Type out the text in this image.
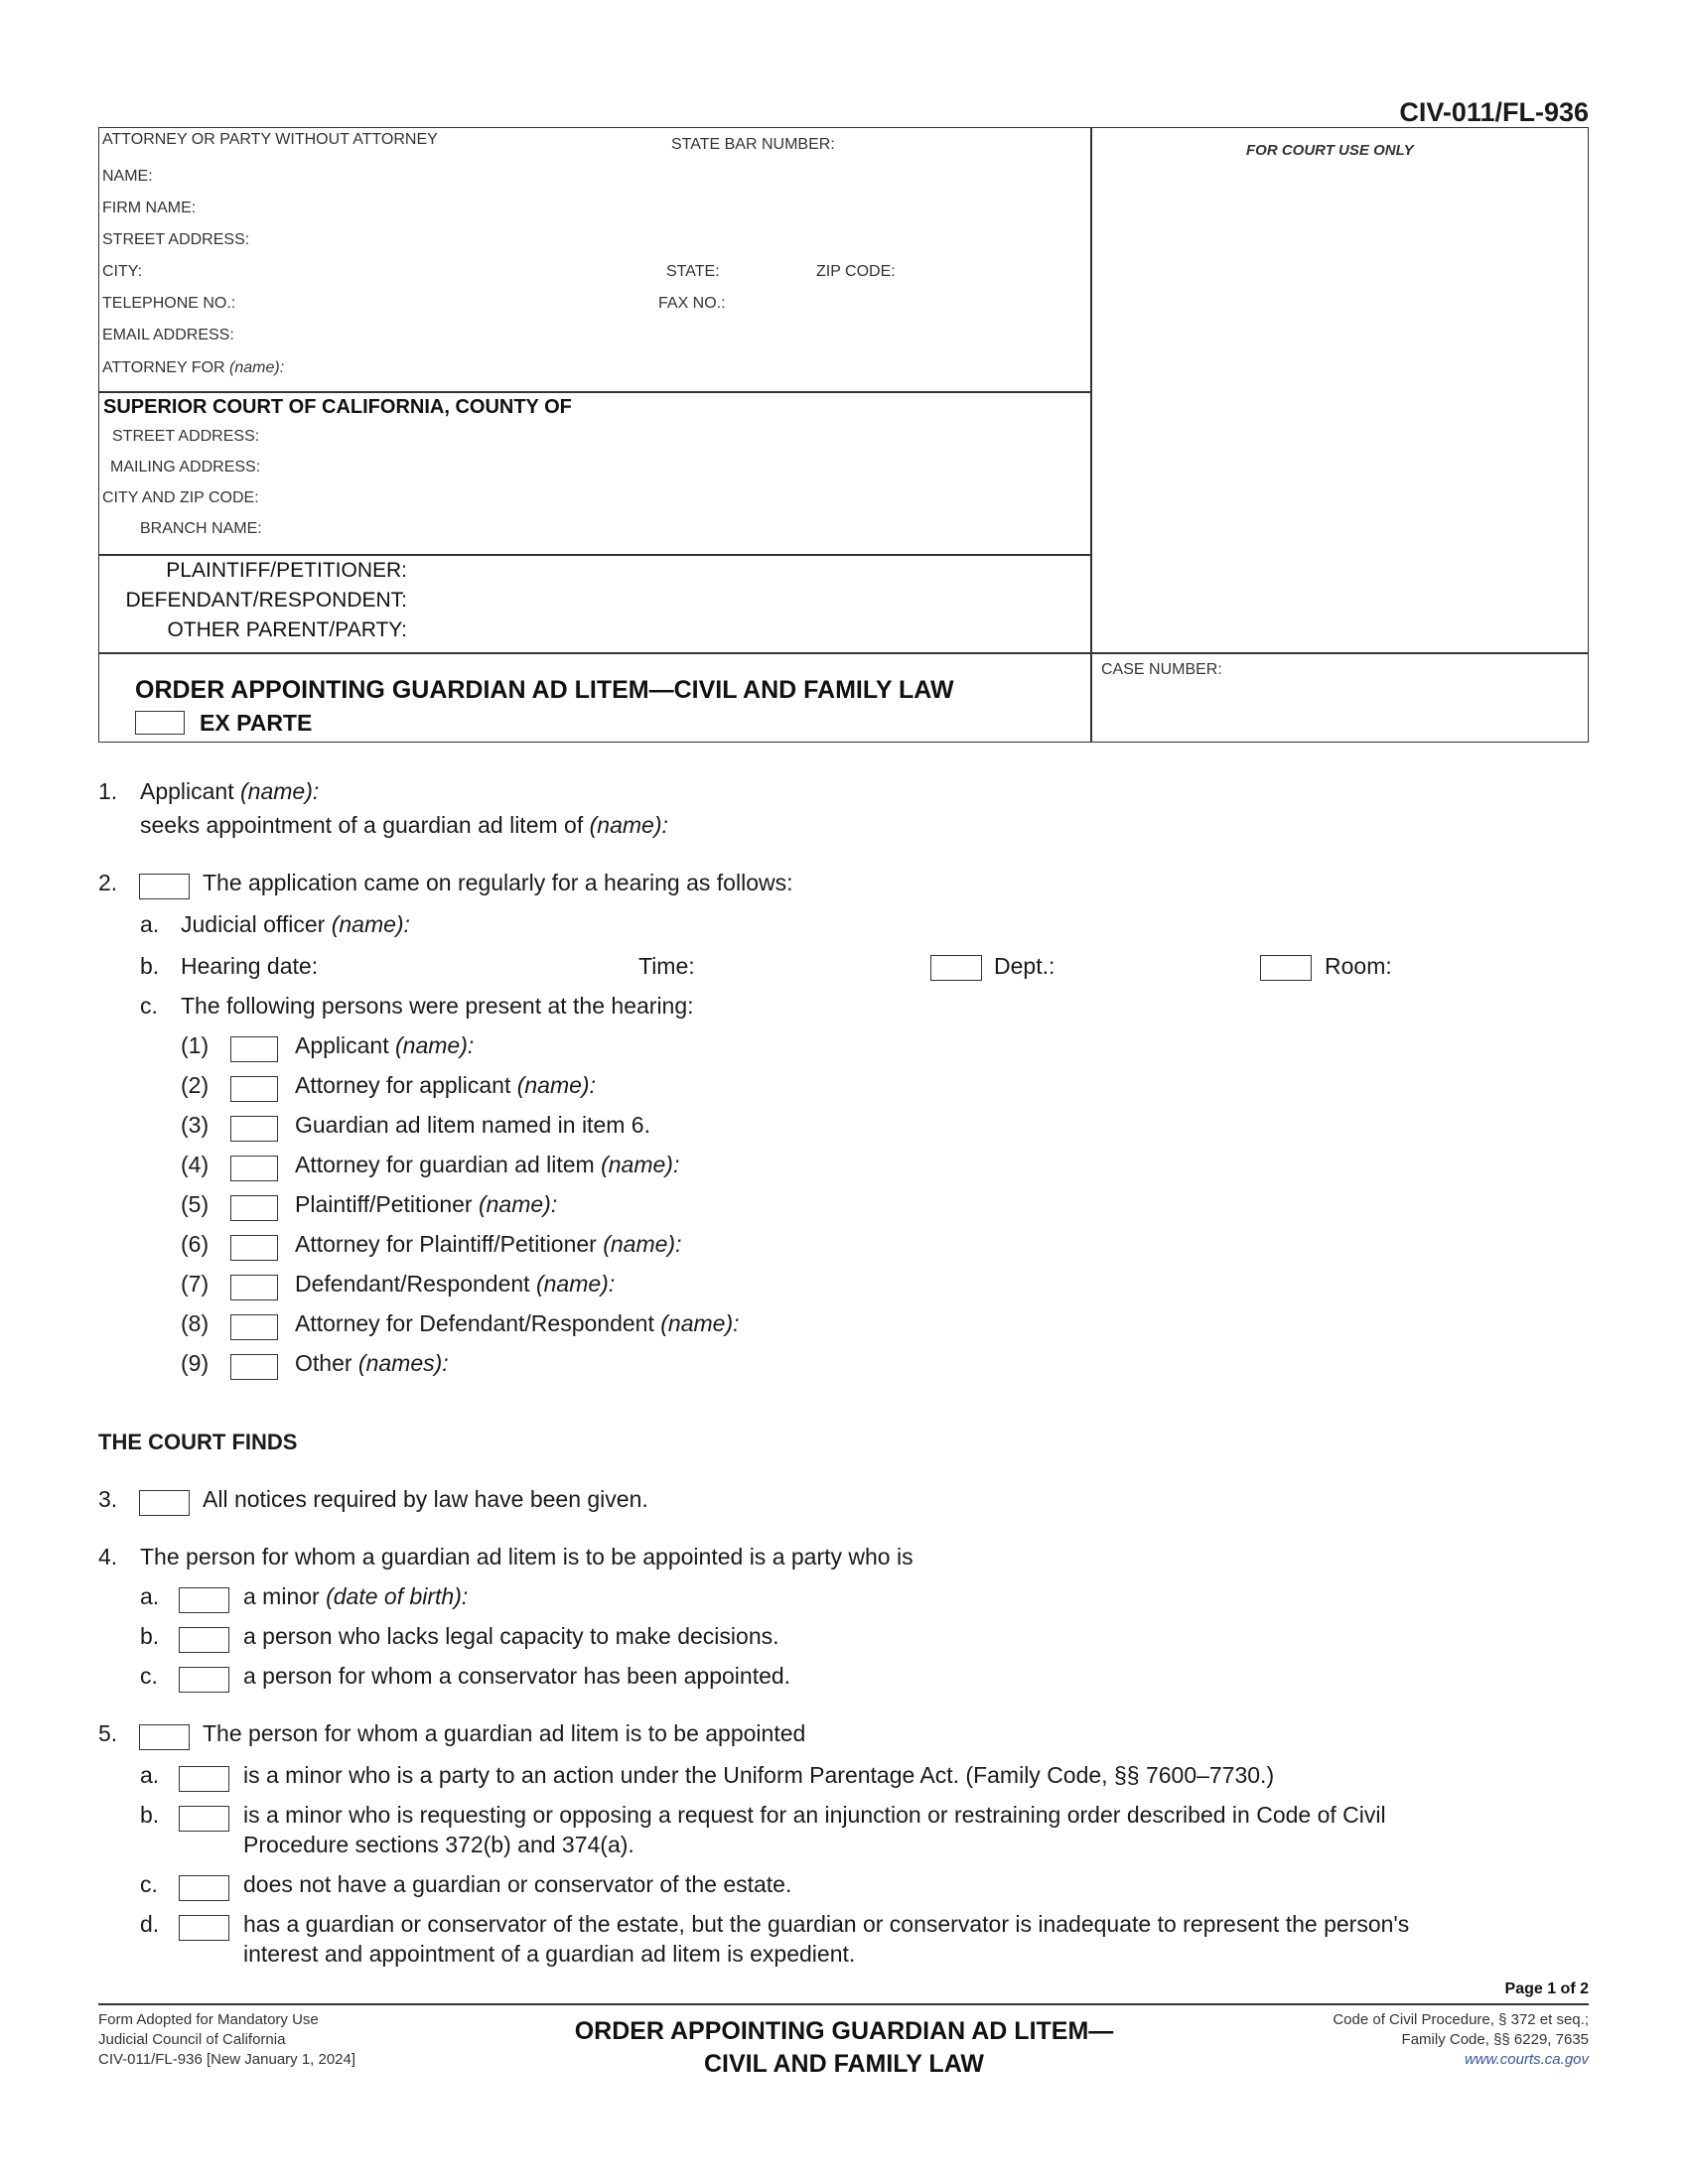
CIV-011/FL-936
ATTORNEY OR PARTY WITHOUT ATTORNEY	STATE BAR NUMBER:
NAME:
FIRM NAME:
STREET ADDRESS:
CITY:	STATE:	ZIP CODE:
TELEPHONE NO.:	FAX NO.:
EMAIL ADDRESS:
ATTORNEY FOR (name):
FOR COURT USE ONLY
SUPERIOR COURT OF CALIFORNIA, COUNTY OF
STREET ADDRESS:
MAILING ADDRESS:
CITY AND ZIP CODE:
BRANCH NAME:
PLAINTIFF/PETITIONER:
DEFENDANT/RESPONDENT:
OTHER PARENT/PARTY:
ORDER APPOINTING GUARDIAN AD LITEM—CIVIL AND FAMILY LAW
EX PARTE
CASE NUMBER:
1. Applicant (name):
seeks appointment of a guardian ad litem of (name):
2.	The application came on regularly for a hearing as follows:
a. Judicial officer (name):
b. Hearing date:	Time:	Dept.:	Room:
c. The following persons were present at the hearing:
(1)	Applicant (name):
(2)	Attorney for applicant (name):
(3)	Guardian ad litem named in item 6.
(4)	Attorney for guardian ad litem (name):
(5)	Plaintiff/Petitioner (name):
(6)	Attorney for Plaintiff/Petitioner (name):
(7)	Defendant/Respondent (name):
(8)	Attorney for Defendant/Respondent (name):
(9)	Other (names):
THE COURT FINDS
3.	All notices required by law have been given.
4. The person for whom a guardian ad litem is to be appointed is a party who is
a.	a minor (date of birth):
b.	a person who lacks legal capacity to make decisions.
c.	a person for whom a conservator has been appointed.
5.	The person for whom a guardian ad litem is to be appointed
a.	is a minor who is a party to an action under the Uniform Parentage Act. (Family Code, §§ 7600–7730.)
b.	is a minor who is requesting or opposing a request for an injunction or restraining order described in Code of Civil
Procedure sections 372(b) and 374(a).
c.	does not have a guardian or conservator of the estate.
d.	has a guardian or conservator of the estate, but the guardian or conservator is inadequate to represent the person's
interest and appointment of a guardian ad litem is expedient.
Page 1 of 2
Form Adopted for Mandatory Use
Judicial Council of California
CIV-011/FL-936 [New January 1, 2024]
ORDER APPOINTING GUARDIAN AD LITEM—
CIVIL AND FAMILY LAW
Code of Civil Procedure, § 372 et seq.;
Family Code, §§ 6229, 7635
www.courts.ca.gov
